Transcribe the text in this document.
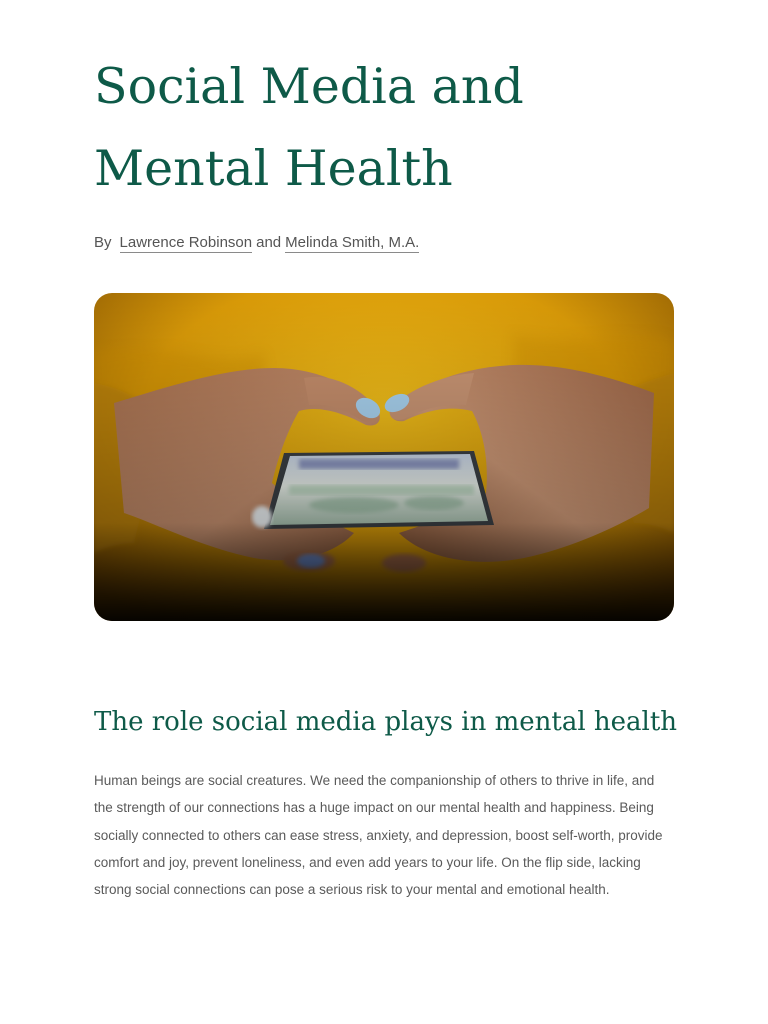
Social Media and Mental Health
By Lawrence Robinson and Melinda Smith, M.A.
The role social media plays in mental health

Human beings are social creatures. We need the companionship of others to thrive in life, and the strength of our connections has a huge impact on our mental health and happiness. Being socially connected to others can ease stress, anxiety, and depression, boost self-worth, provide comfort and joy, prevent loneliness, and even add years to your life. On the flip side, lacking strong social connections can pose a serious risk to your mental and emotional health.
